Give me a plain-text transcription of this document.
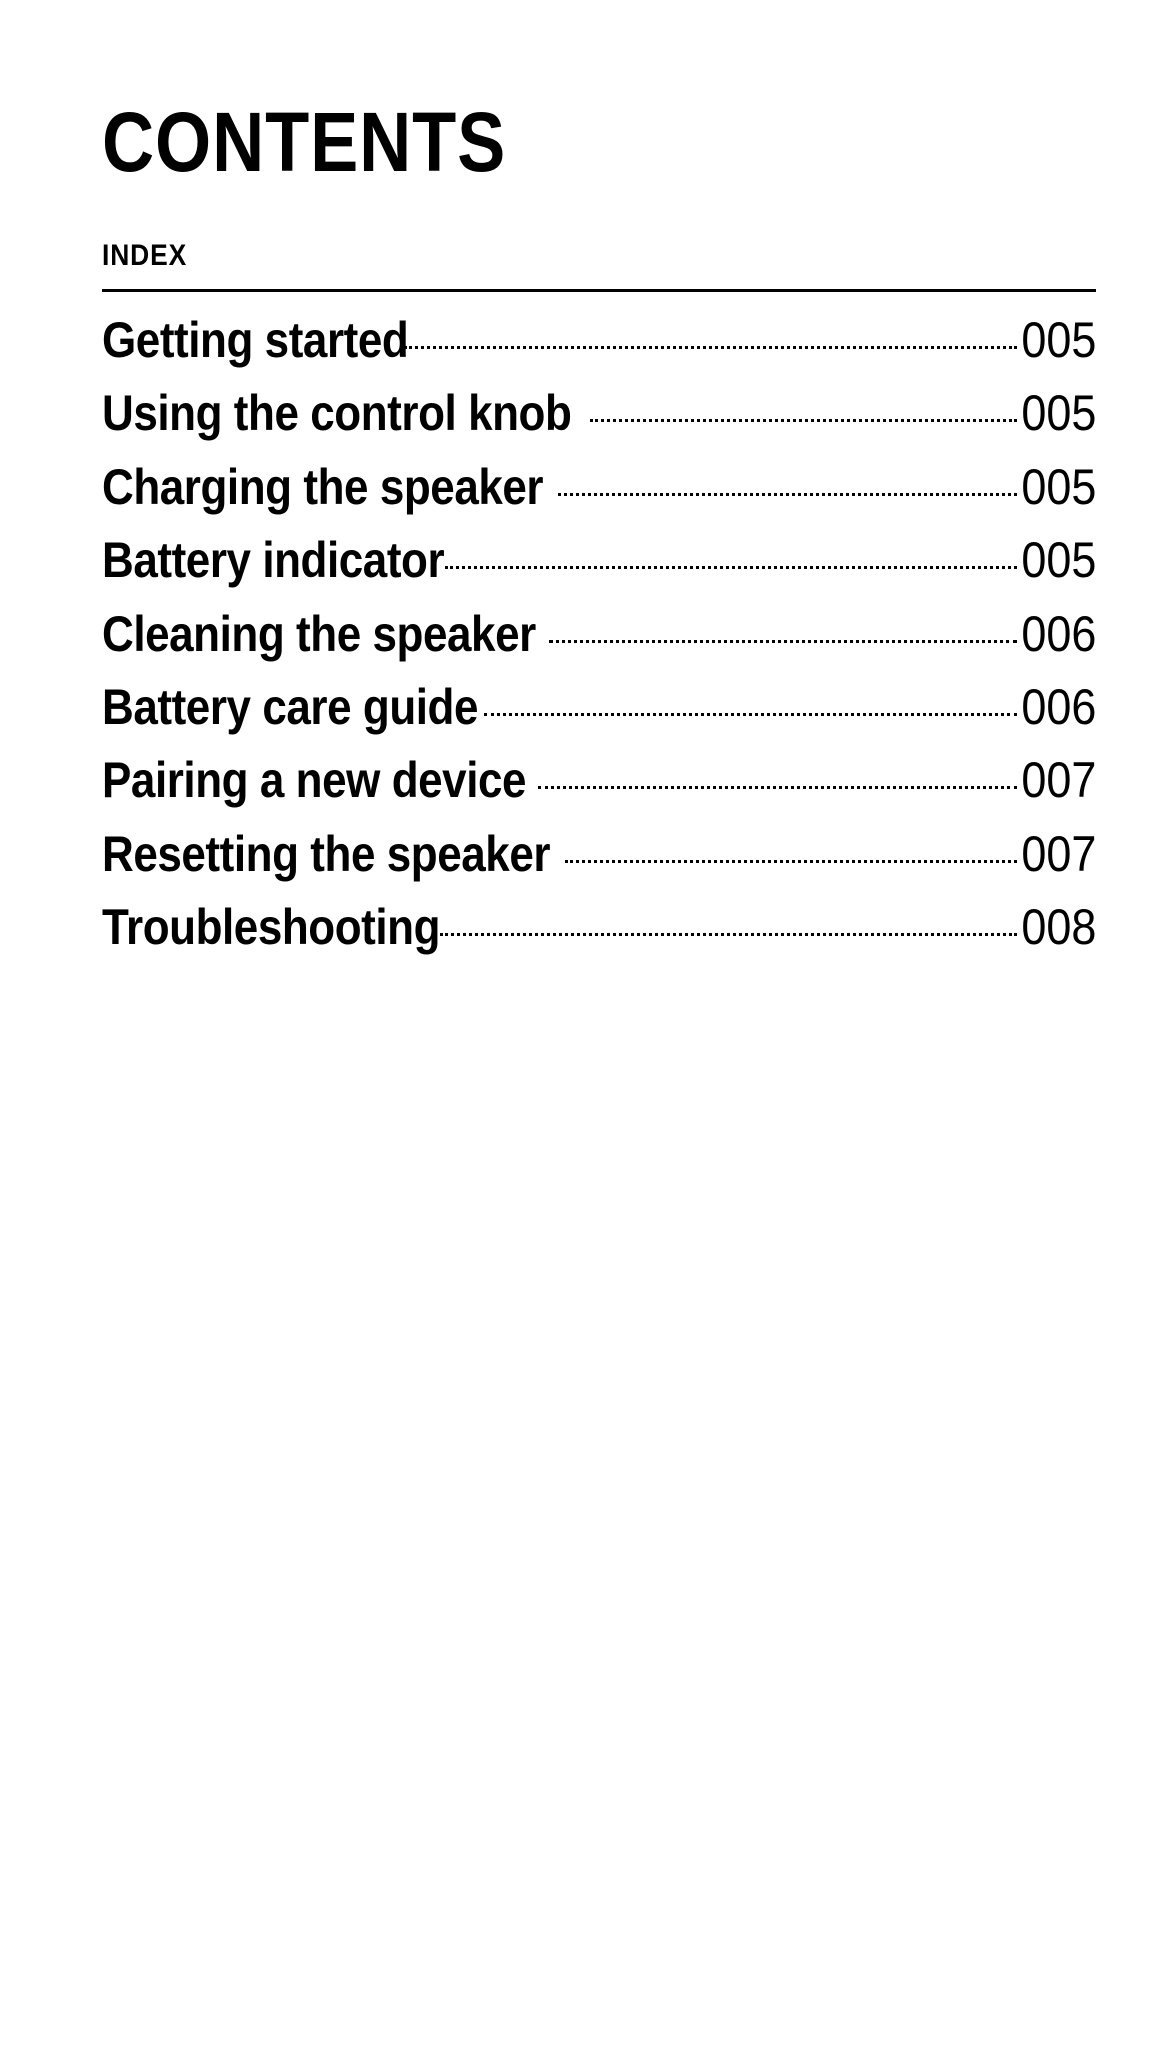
CONTENTS
INDEX
Getting started	005
Using the control knob	005
Charging the speaker	005
Battery indicator	005
Cleaning the speaker	006
Battery care guide	006
Pairing a new device	007
Resetting the speaker	007
Troubleshooting	008
